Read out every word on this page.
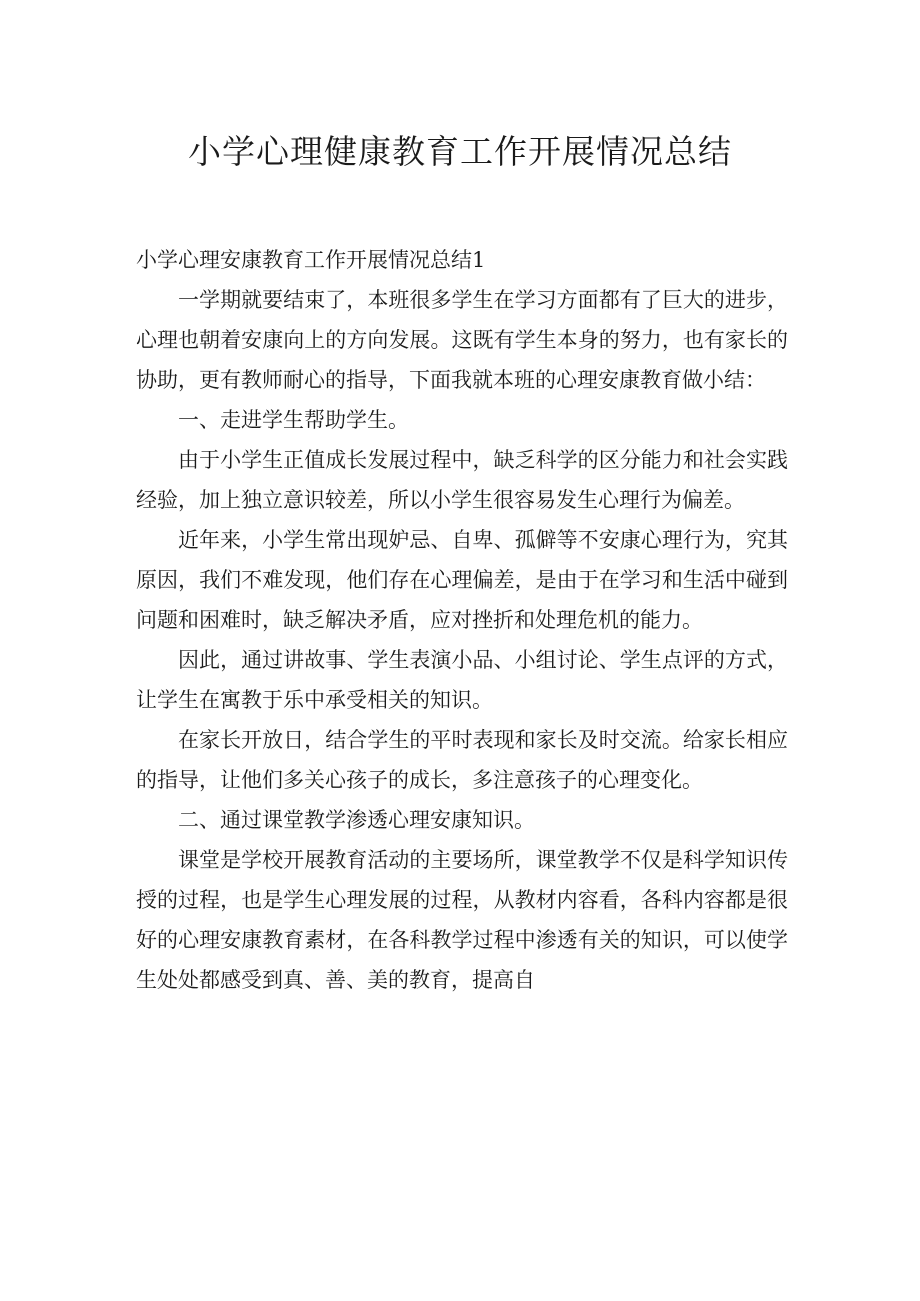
小学心理健康教育工作开展情况总结

小学心理安康教育工作开展情况总结1

一学期就要结束了，本班很多学生在学习方面都有了巨大的进步，心理也朝着安康向上的方向发展。这既有学生本身的努力，也有家长的协助，更有教师耐心的指导，下面我就本班的心理安康教育做小结：

一、走进学生帮助学生。

由于小学生正值成长发展过程中，缺乏科学的区分能力和社会实践经验，加上独立意识较差，所以小学生很容易发生心理行为偏差。

近年来，小学生常出现妒忌、自卑、孤僻等不安康心理行为，究其原因，我们不难发现，他们存在心理偏差，是由于在学习和生活中碰到问题和困难时，缺乏解决矛盾，应对挫折和处理危机的能力。

因此，通过讲故事、学生表演小品、小组讨论、学生点评的方式，让学生在寓教于乐中承受相关的知识。

在家长开放日，结合学生的平时表现和家长及时交流。给家长相应的指导，让他们多关心孩子的成长，多注意孩子的心理变化。

二、通过课堂教学渗透心理安康知识。

课堂是学校开展教育活动的主要场所，课堂教学不仅是科学知识传授的过程，也是学生心理发展的过程，从教材内容看，各科内容都是很好的心理安康教育素材，在各科教学过程中渗透有关的知识，可以使学生处处都感受到真、善、美的教育，提高自
